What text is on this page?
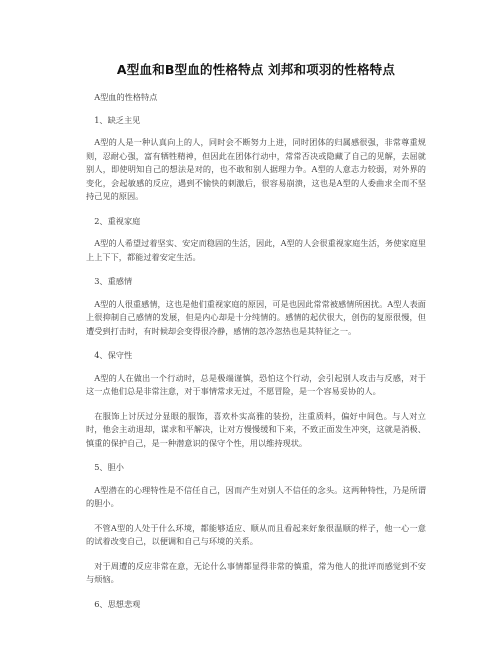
A型血和B型血的性格特点 刘邦和项羽的性格特点
A型血的性格特点
1、缺乏主见
A型的人是一种认真向上的人，同时会不断努力上进，同时团体的归属感很强，非常尊重规则，忍耐心强，富有牺牲精神，但因此在团体行动中，常常否决或隐藏了自己的见解，去屈就别人，即使明知自己的想法是对的，也不敢和别人据理力争。A型的人意志力较弱，对外界的变化，会起敏感的反应，遇到不愉快的刺激后，很容易崩溃，这也是A型的人委曲求全而不坚持己见的原因。
2、重视家庭
A型的人希望过着坚实、安定而稳固的生活，因此，A型的人会很重视家庭生活，务使家庭里上上下下，都能过着安定生活。
3、重感情
A型的人很重感情，这也是他们重视家庭的原因，可是也因此常常被感情所困扰。A型人表面上很抑制自己感情的发展，但是内心却是十分纯情的。感情的起伏很大，创伤的复原很慢，但遭受到打击时，有时候却会变得很冷静，感情的忽冷忽热也是其特征之一。
4、保守性
A型的人在做出一个行动时，总是极端谨慎，恐怕这个行动，会引起别人攻击与反感，对于这一点他们总是非常注意，对于事情常求无过，不愿冒险，是一个容易妥协的人。
在服饰上讨厌过分显眼的服饰，喜欢朴实高雅的装扮，注重质料，偏好中间色。与人对立时，他会主动退却，谋求和平解决，让对方慢慢缓和下来，不致正面发生冲突，这就是消极、慎重的保护自己，是一种潜意识的保守个性，用以维持现状。
5、胆小
A型潜在的心理特性是不信任自己，因而产生对别人不信任的念头。这两种特性，乃是所谓的胆小。
不管A型的人处于什么环境，都能够适应、顺从而且看起来好象很温顺的样子，他一心一意的试着改变自己，以便调和自己与环境的关系。
对于周遭的反应非常在意，无论什么事情都显得非常的慎重，常为他人的批评而感觉到不安与烦恼。
6、思想悲观
